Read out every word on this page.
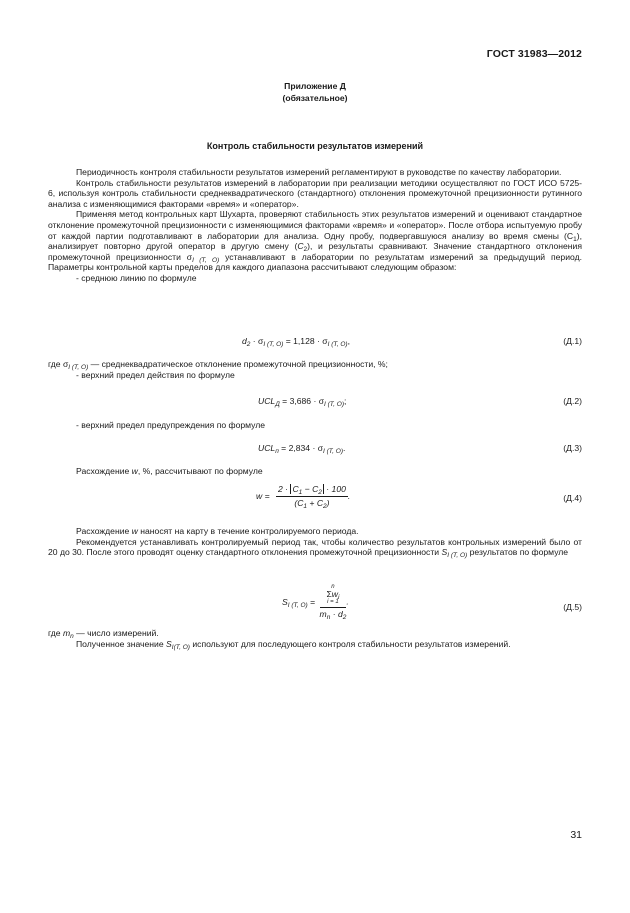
ГОСТ 31983—2012
Приложение Д
(обязательное)
Контроль стабильности результатов измерений

Периодичность контроля стабильности результатов измерений регламентируют в руководстве по качеству лаборатории.

Контроль стабильности результатов измерений в лаборатории при реализации методики осуществляют по ГОСТ ИСО 5725-6, используя контроль стабильности среднеквадратического (стандартного) отклонения промежуточной прецизионности рутинного анализа с изменяющимися факторами «время» и «оператор».

Применяя метод контрольных карт Шухарта, проверяют стабильность этих результатов измерений и оценивают стандартное отклонение промежуточной прецизионности с изменяющимися факторами «время» и «оператор». После отбора испытуемую пробу от каждой партии подготавливают в лаборатории для анализа. Одну пробу, подвергавшуюся анализу во время смены $(C_1)$, анализирует повторно другой оператор в другую смену $(C_2)$, и результаты сравнивают. Значение стандартного отклонения промежуточной прецизионности $\sigma_{I (T, O)}$ устанавливают в лаборатории по результатам измерений за предыдущий период. Параметры контрольной карты пределов для каждого диапазона рассчитывают следующим образом:

- среднюю линию по формуле

$d_2 \cdot \sigma_{I (T, O)} = 1,128 \cdot \sigma_{I (T, O)}$,	(Д.1)

где $\sigma_{I (T, O)}$ — среднеквадратическое отклонение промежуточной прецизионности, %;

- верхний предел действия по формуле

$UCL_Д = 3,686 \cdot \sigma_{I (T, O)}$;	(Д.2)

- верхний предел предупреждения по формуле

$UCL_п = 2,834 \cdot \sigma_{I (T, O)}$.	(Д.3)

Расхождение w, %, рассчитывают по формуле

$w = \frac{2 \cdot C_1 - C_2 \cdot 100}{(C_1 + C_2)}$ .	(Д.4)

Расхождение w наносят на карту в течение контролируемого периода.

Рекомендуется устанавливать контролируемый период так, чтобы количество результатов контрольных измерений было от 20 до 30. После этого проводят оценку стандартного отклонения промежуточной прецизионности $S_{I (T, O)}$ результатов по формуле

$S_{I (T, O)} = n$
$\Sigma w_i$
i = 1
$m_n \cdot d_2$ .
(Д.5)

где $m_n$ — число измерений.

Полученное значение $S_{I(T, O)}$ используют для последующего контроля стабильности результатов измерений.

31
